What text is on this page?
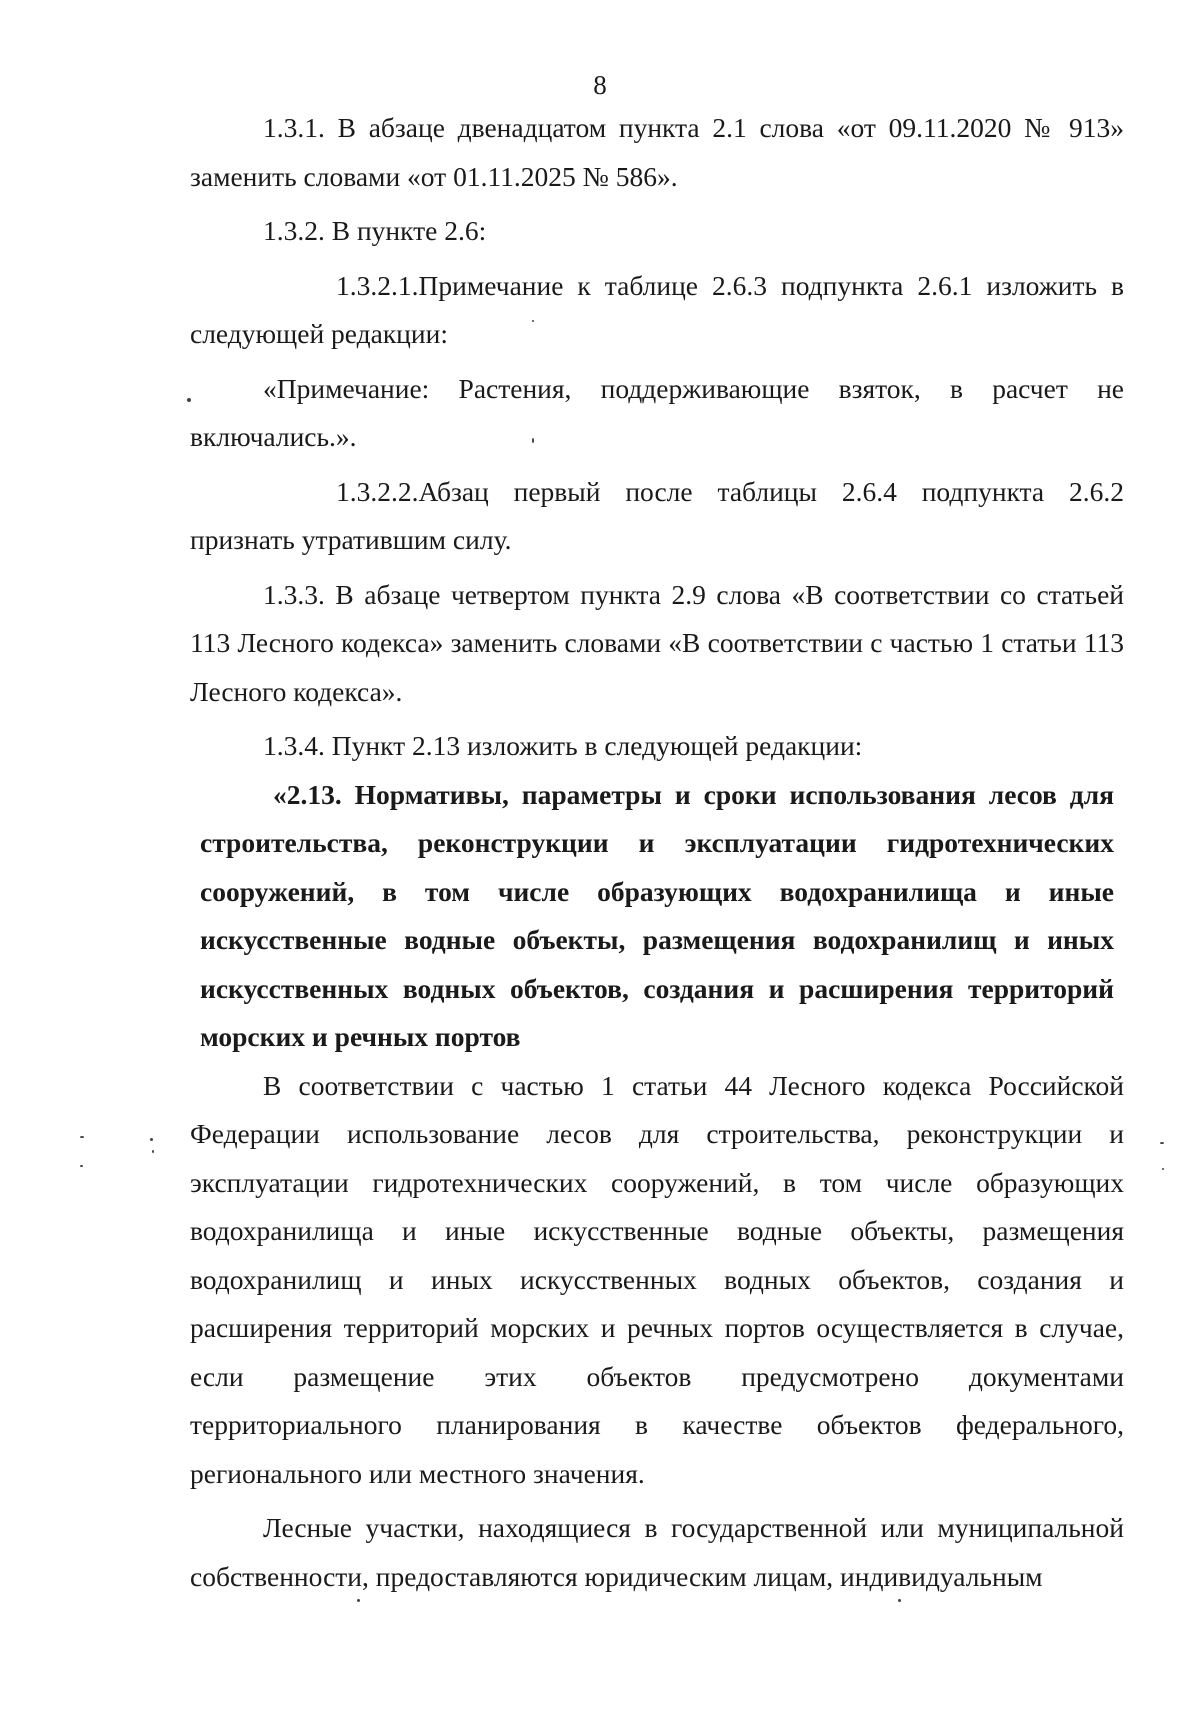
8

1.3.1. В абзаце двенадцатом пункта 2.1 слова «от 09.11.2020 № 913» заменить словами «от 01.11.2025 № 586».

1.3.2. В пункте 2.6:

1.3.2.1.Примечание к таблице 2.6.3 подпункта 2.6.1 изложить в следующей редакции:

«Примечание: Растения, поддерживающие взяток, в расчет не включались.».

1.3.2.2.Абзац первый после таблицы 2.6.4 подпункта 2.6.2 признать утратившим силу.

1.3.3. В абзаце четвертом пункта 2.9 слова «В соответствии со статьей 113 Лесного кодекса» заменить словами «В соответствии с частью 1 статьи 113 Лесного кодекса».

1.3.4. Пункт 2.13 изложить в следующей редакции:

«2.13. Нормативы, параметры и сроки использования лесов для строительства, реконструкции и эксплуатации гидротехнических сооружений, в том числе образующих водохранилища и иные искусственные водные объекты, размещения водохранилищ и иных искусственных водных объектов, создания и расширения территорий морских и речных портов

В соответствии с частью 1 статьи 44 Лесного кодекса Российской Федерации использование лесов для строительства, реконструкции и эксплуатации гидротехнических сооружений, в том числе образующих водохранилища и иные искусственные водные объекты, размещения водохранилищ и иных искусственных водных объектов, создания и расширения территорий морских и речных портов осуществляется в случае, если размещение этих объектов предусмотрено документами территориального планирования в качестве объектов федерального, регионального или местного значения.

Лесные участки, находящиеся в государственной или муниципальной собственности, предоставляются юридическим лицам, индивидуальным
